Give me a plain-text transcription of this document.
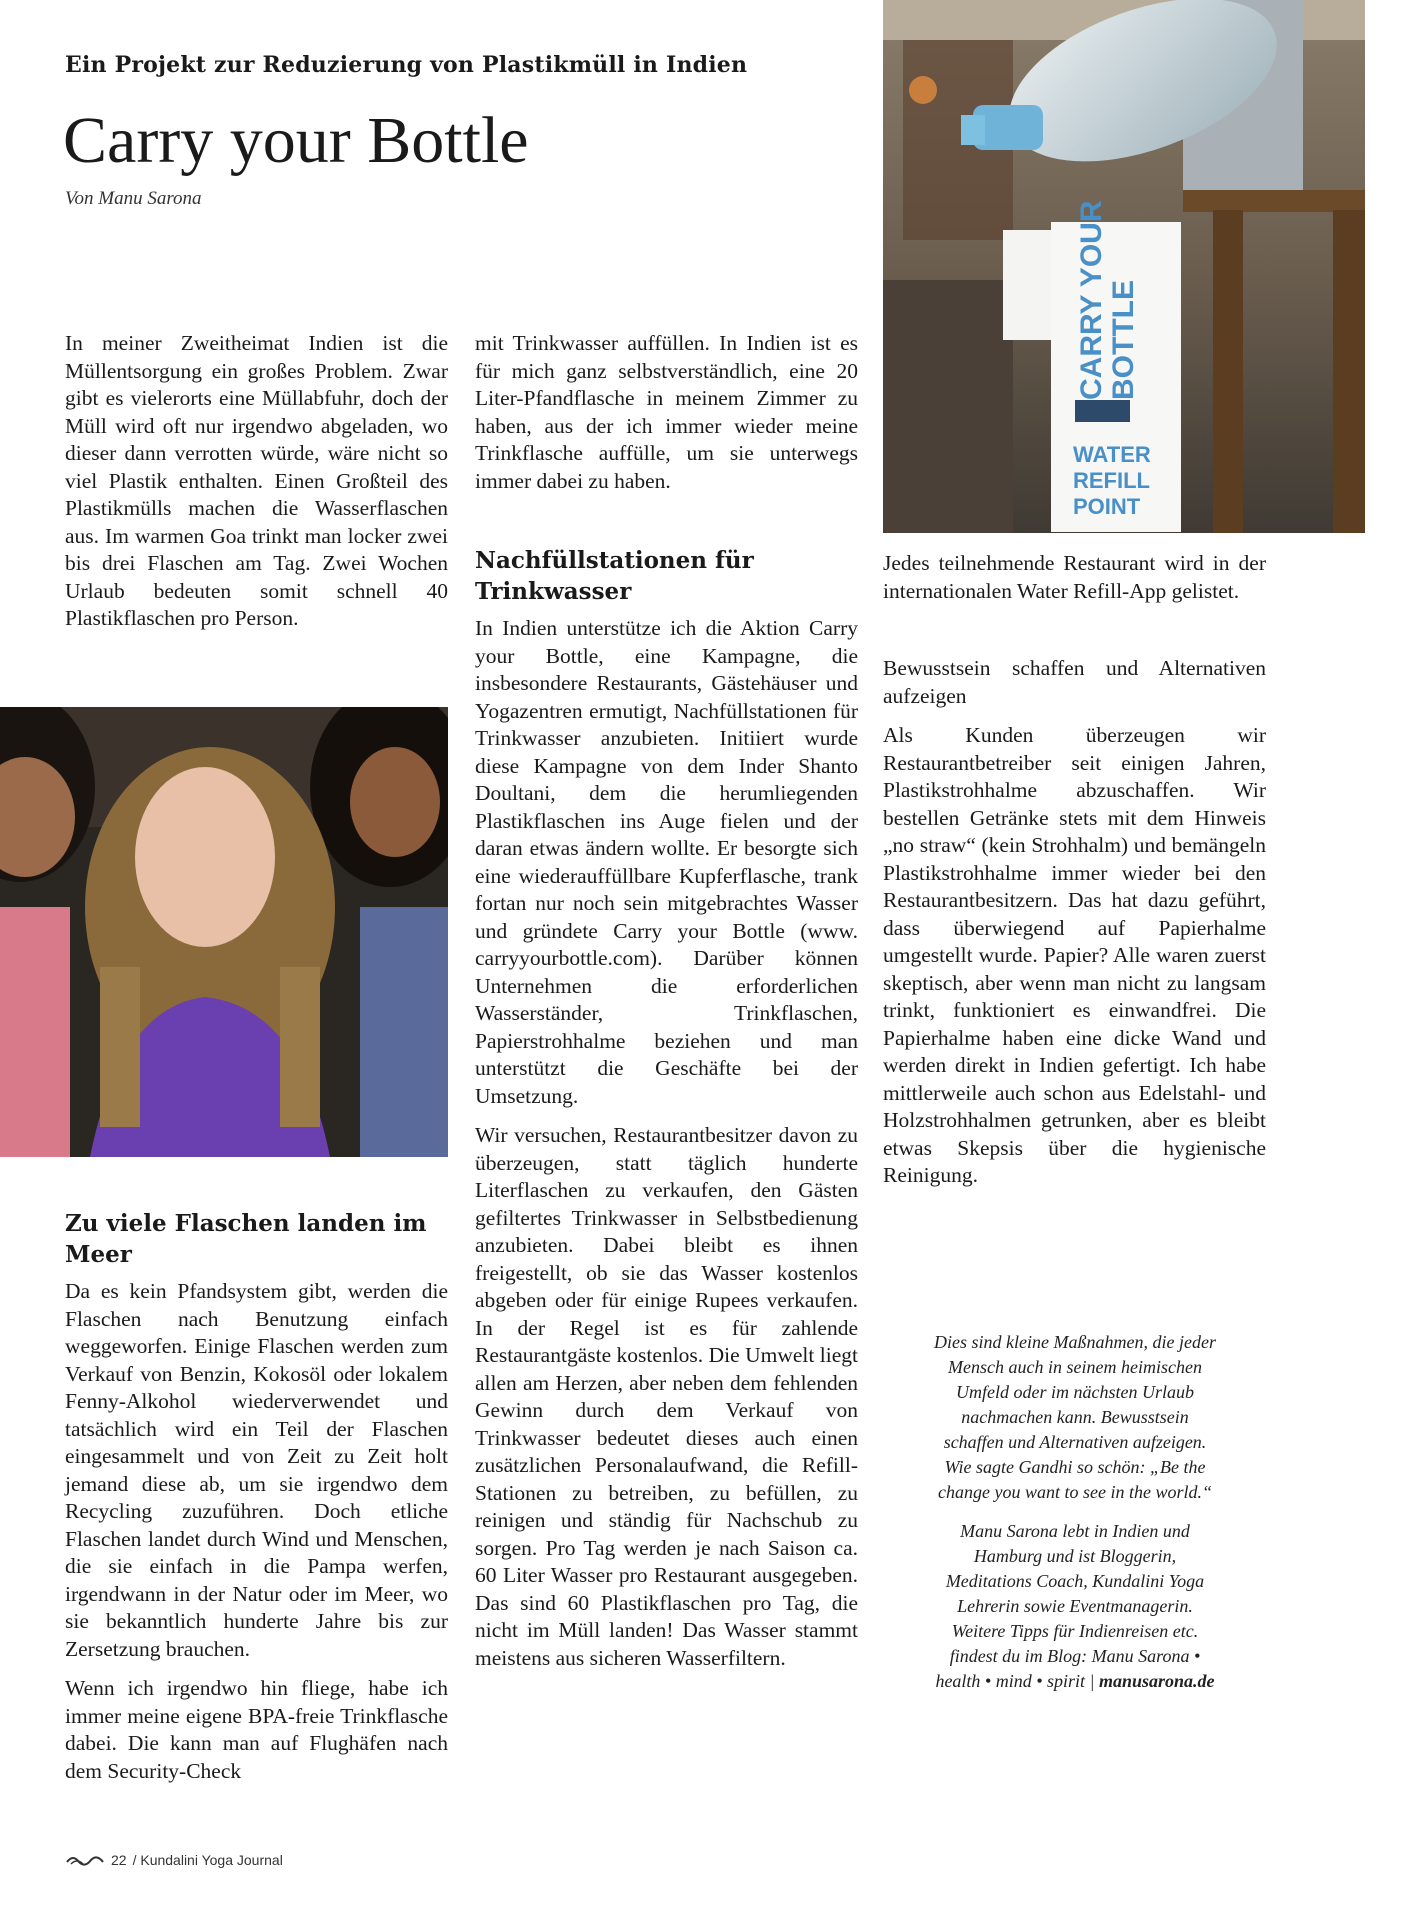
Ein Projekt zur Reduzierung von Plastikmüll in Indien
Carry your Bottle
Von Manu Sarona
CARRY YOUR BOTTLE
WATER
REFILL
POINT

In meiner Zweitheimat Indien ist die Müllentsorgung ein großes Problem. Zwar gibt es vielerorts eine Müllabfuhr, doch der Müll wird oft nur irgendwo abgeladen, wo dieser dann verrotten würde, wäre nicht so viel Plastik enthalten. Einen Großteil des Plastikmülls machen die Wasserflaschen aus. Im warmen Goa trinkt man locker zwei bis drei Flaschen am Tag. Zwei Wochen Urlaub bedeuten somit schnell 40 Plastikflaschen pro Person.

Zu viele Flaschen landen im Meer

Da es kein Pfandsystem gibt, werden die Flaschen nach Benutzung einfach weggeworfen. Einige Flaschen werden zum Verkauf von Benzin, Kokosöl oder lokalem Fenny-Alkohol wiederverwendet und tatsächlich wird ein Teil der Flaschen eingesammelt und von Zeit zu Zeit holt jemand diese ab, um sie irgendwo dem Recycling zuzuführen. Doch etliche Flaschen landet durch Wind und Menschen, die sie einfach in die Pampa werfen, irgendwann in der Natur oder im Meer, wo sie bekanntlich hunderte Jahre bis zur Zersetzung brauchen.

Wenn ich irgendwo hin fliege, habe ich immer meine eigene BPA-freie Trinkflasche dabei. Die kann man auf Flughäfen nach dem Security-Check

mit Trinkwasser auffüllen. In Indien ist es für mich ganz selbstverständlich, eine 20 Liter-Pfandflasche in meinem Zimmer zu haben, aus der ich immer wieder meine Trinkflasche auffülle, um sie unterwegs immer dabei zu haben.

Nachfüllstationen für Trinkwasser

In Indien unterstütze ich die Aktion Carry your Bottle, eine Kampagne, die insbesondere Restaurants, Gästehäuser und Yogazentren ermutigt, Nachfüllstationen für Trinkwasser anzubieten. Initiiert wurde diese Kampagne von dem Inder Shanto Doultani, dem die herumliegenden Plastikflaschen ins Auge fielen und der daran etwas ändern wollte. Er besorgte sich eine wiederauffüllbare Kupferflasche, trank fortan nur noch sein mitgebrachtes Wasser und gründete Carry your Bottle (www. carryyourbottle.com). Darüber können Unternehmen die erforderlichen Wasserständer, Trinkflaschen, Papierstrohhalme beziehen und man unterstützt die Geschäfte bei der Umsetzung.

Wir versuchen, Restaurantbesitzer davon zu überzeugen, statt täglich hunderte Literflaschen zu verkaufen, den Gästen gefiltertes Trinkwasser in Selbstbedienung anzubieten. Dabei bleibt es ihnen freigestellt, ob sie das Wasser kostenlos abgeben oder für einige Rupees verkaufen. In der Regel ist es für zahlende Restaurantgäste kostenlos. Die Umwelt liegt allen am Herzen, aber neben dem fehlenden Gewinn durch dem Verkauf von Trinkwasser bedeutet dieses auch einen zusätzlichen Personalaufwand, die Refill-Stationen zu betreiben, zu befüllen, zu reinigen und ständig für Nachschub zu sorgen. Pro Tag werden je nach Saison ca. 60 Liter Wasser pro Restaurant ausgegeben. Das sind 60 Plastikflaschen pro Tag, die nicht im Müll landen! Das Wasser stammt meistens aus sicheren Wasserfiltern.

Jedes teilnehmende Restaurant wird in der internationalen Water Refill-App gelistet.

Bewusstsein schaffen und Alternativen aufzeigen

Als Kunden überzeugen wir Restaurantbetreiber seit einigen Jahren, Plastikstrohhalme abzuschaffen. Wir bestellen Getränke stets mit dem Hinweis „no straw“ (kein Strohhalm) und bemängeln Plastikstrohhalme immer wieder bei den Restaurantbesitzern. Das hat dazu geführt, dass überwiegend auf Papierhalme umgestellt wurde. Papier? Alle waren zuerst skeptisch, aber wenn man nicht zu langsam trinkt, funktioniert es einwandfrei. Die Papierhalme haben eine dicke Wand und werden direkt in Indien gefertigt. Ich habe mittlerweile auch schon aus Edelstahl- und Holzstrohhalmen getrunken, aber es bleibt etwas Skepsis über die hygienische Reinigung.

Dies sind kleine Maßnahmen, die jeder Mensch auch in seinem heimischen Umfeld oder im nächsten Urlaub nachmachen kann. Bewusstsein schaffen und Alternativen aufzeigen. Wie sagte Gandhi so schön: „Be the change you want to see in the world.“

Manu Sarona lebt in Indien und Hamburg und ist Bloggerin, Meditations Coach, Kundalini Yoga Lehrerin sowie Eventmanagerin. Weitere Tipps für Indienreisen etc. findest du im Blog: Manu Sarona • health • mind • spirit | manusarona.de

22 / Kundalini Yoga Journal
